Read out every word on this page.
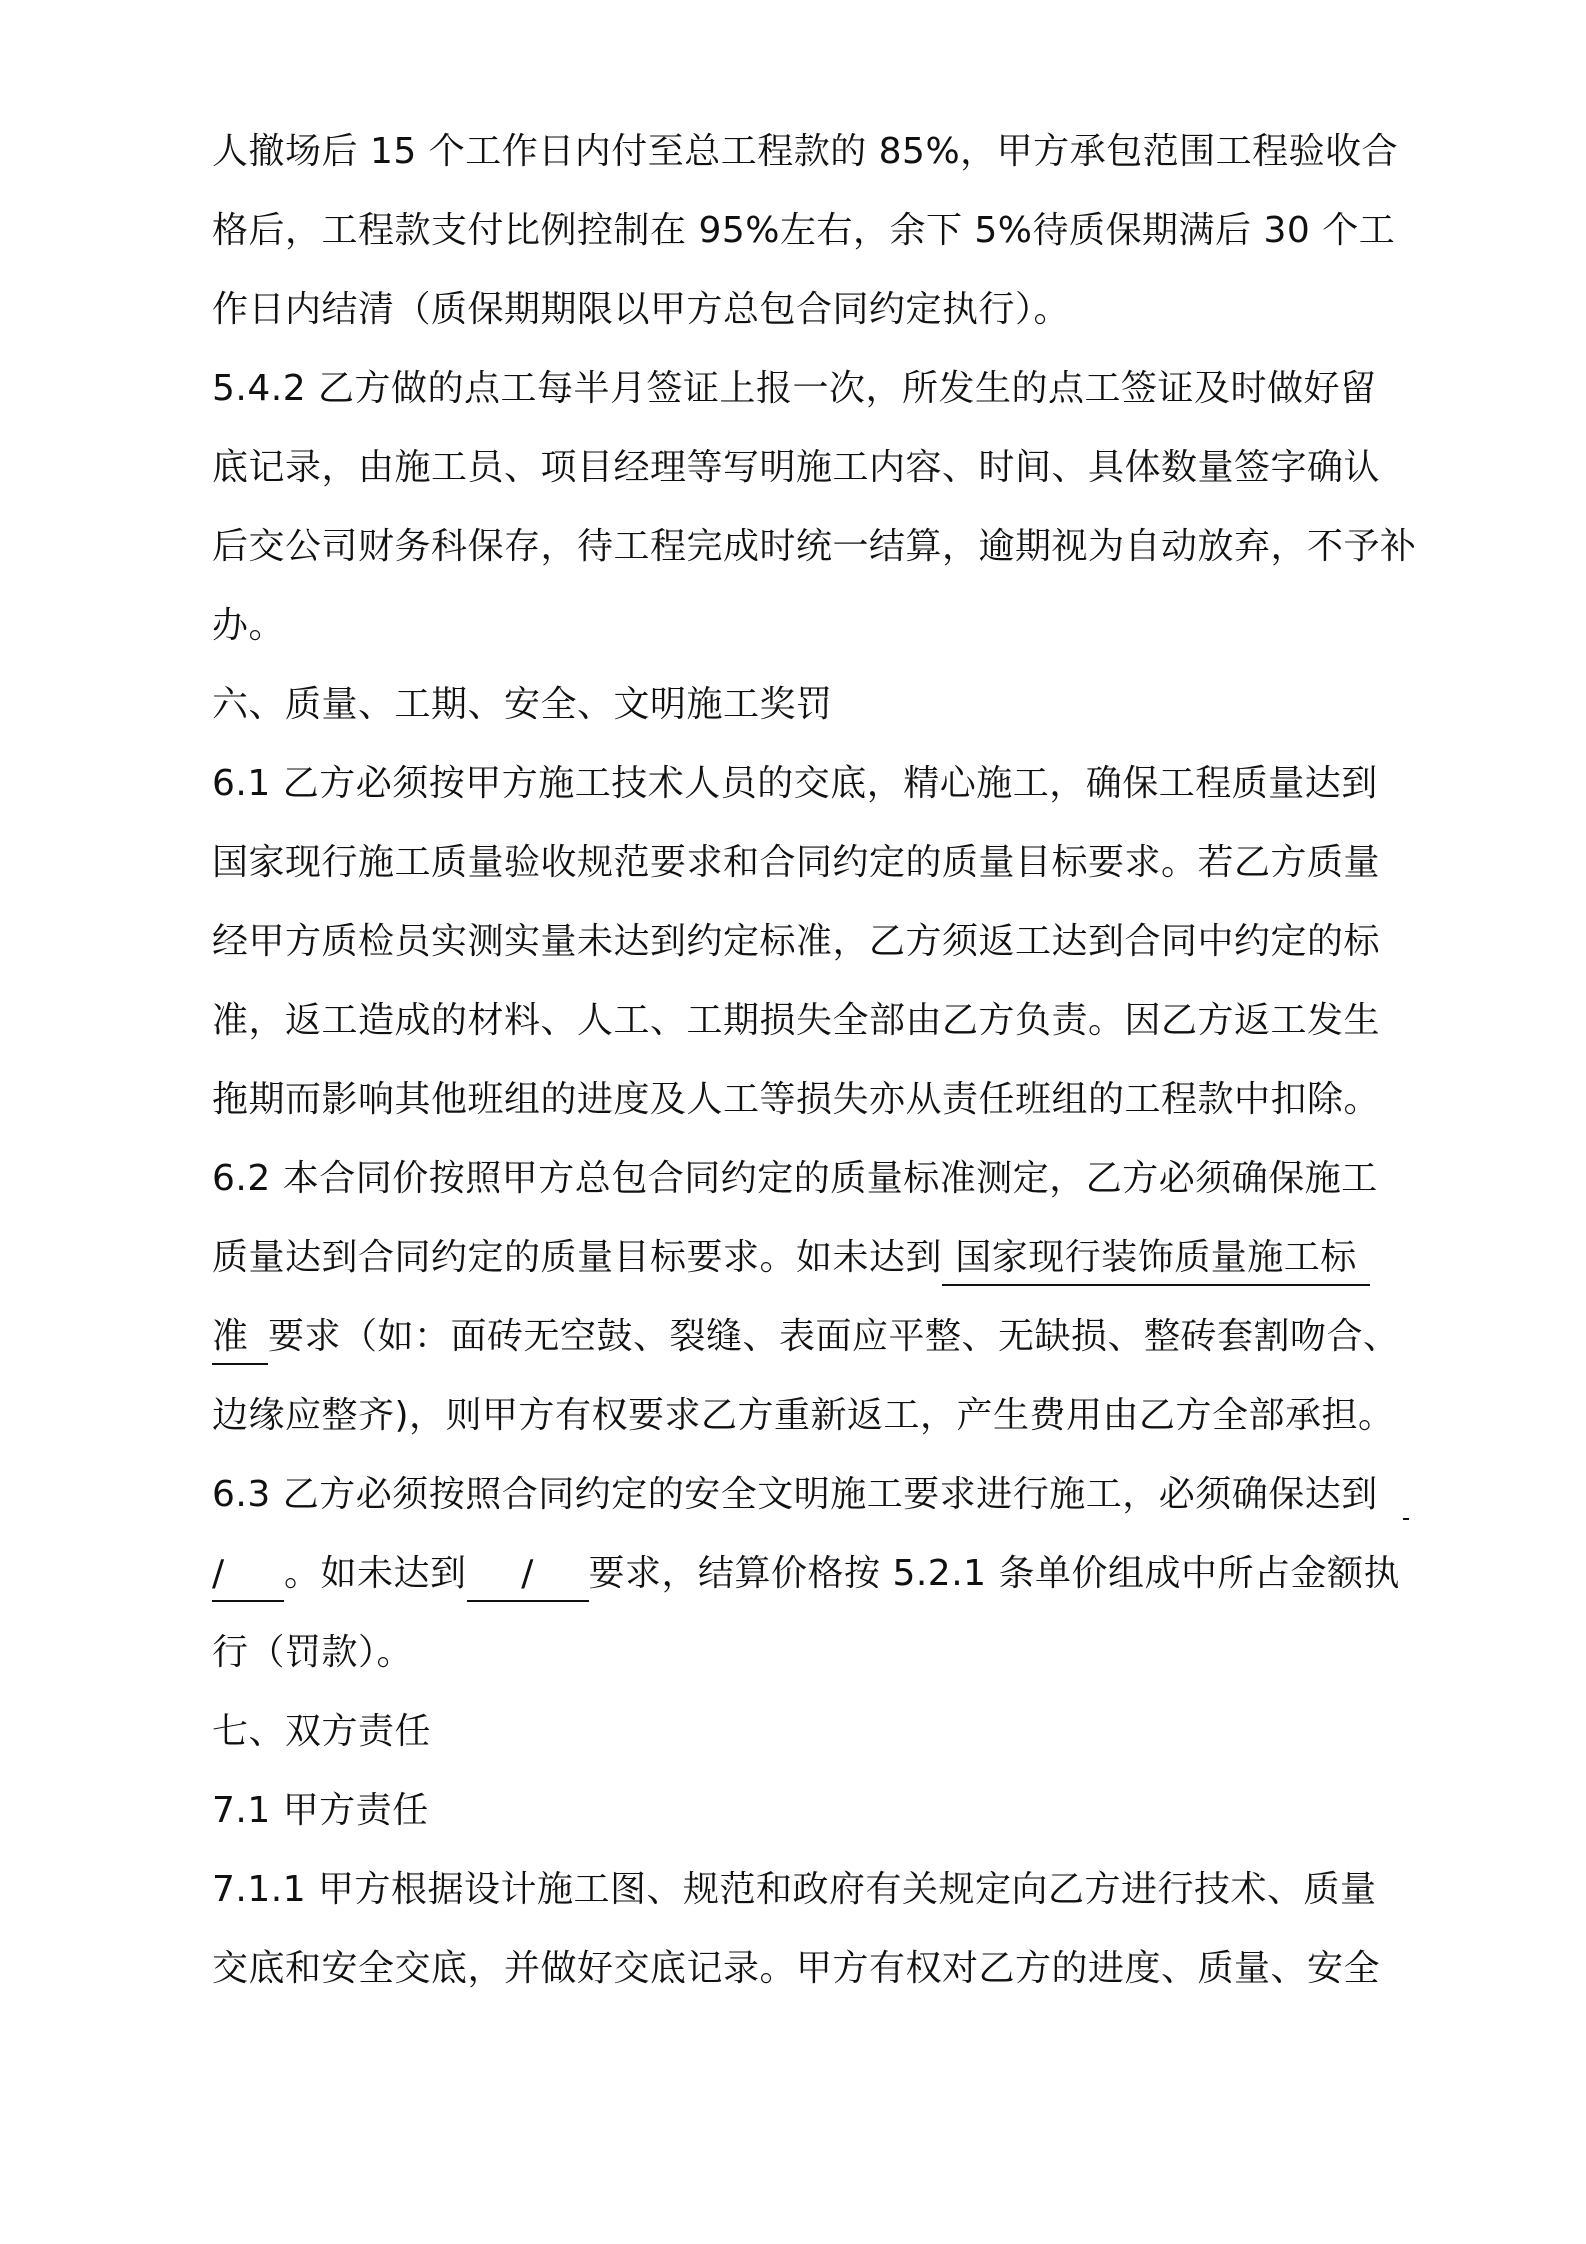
人撤场后 15 个工作日内付至总工程款的 85%，甲方承包范围工程验收合
格后，工程款支付比例控制在 95%左右，余下 5%待质保期满后 30 个工
作日内结清（质保期期限以甲方总包合同约定执行）。
5.4.2 乙方做的点工每半月签证上报一次，所发生的点工签证及时做好留
底记录，由施工员、项目经理等写明施工内容、时间、具体数量签字确认
后交公司财务科保存，待工程完成时统一结算，逾期视为自动放弃，不予补
办。
六、质量、工期、安全、文明施工奖罚
6.1 乙方必须按甲方施工技术人员的交底，精心施工，确保工程质量达到
国家现行施工质量验收规范要求和合同约定的质量目标要求。若乙方质量
经甲方质检员实测实量未达到约定标准，乙方须返工达到合同中约定的标
准，返工造成的材料、人工、工期损失全部由乙方负责。因乙方返工发生
拖期而影响其他班组的进度及人工等损失亦从责任班组的工程款中扣除。
6.2 本合同价按照甲方总包合同约定的质量标准测定，乙方必须确保施工
质量达到合同约定的质量目标要求。如未达到 国家现行装饰质量施工标
准 要求（如：面砖无空鼓、裂缝、表面应平整、无缺损、整砖套割吻合、
边缘应整齐)，则甲方有权要求乙方重新返工，产生费用由乙方全部承担。
6.3 乙方必须按照合同约定的安全文明施工要求进行施工，必须确保达到
/ 。如未达到 / 要求，结算价格按 5.2.1 条单价组成中所占金额执
行（罚款）。
七、双方责任
7.1 甲方责任
7.1.1 甲方根据设计施工图、规范和政府有关规定向乙方进行技术、质量
交底和安全交底，并做好交底记录。甲方有权对乙方的进度、质量、安全
